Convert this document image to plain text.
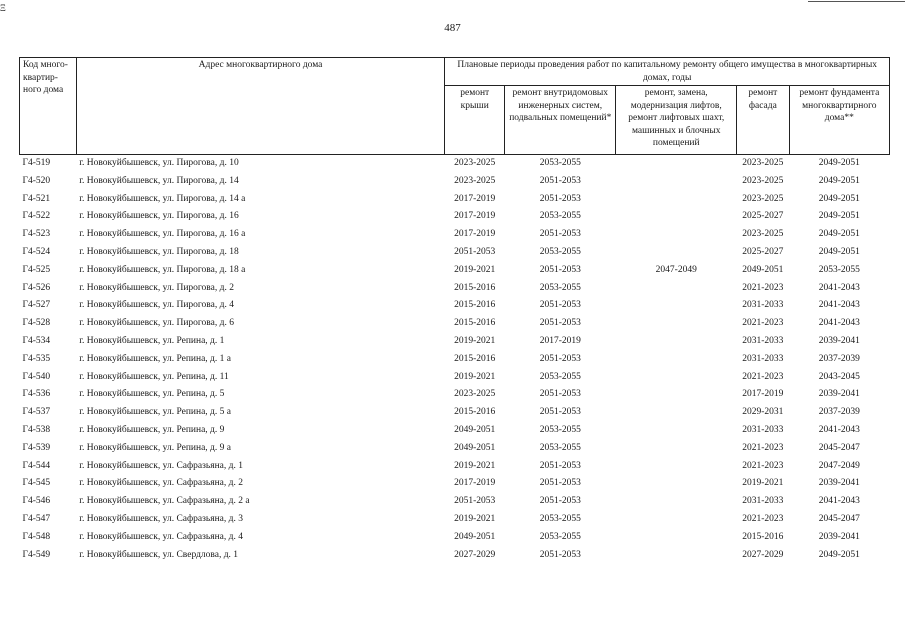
Ξ
487
Код много-квартир-ного дома	Адрес многоквартирного дома	Плановые периоды проведения работ по капитальному ремонту общего имущества в многоквартирных домах, годы				
		ремонт крыши	ремонт внутридомовых инженерных систем, подвальных помещений*	ремонт, замена, модернизация лифтов, ремонт лифтовых шахт, машинных и блочных помещений	ремонт фасада	ремонт фундамента многоквартирного дома**
Г4-519	г. Новокуйбышевск, ул. Пирогова, д. 10	2023-2025	2053-2055		2023-2025	2049-2051
Г4-520	г. Новокуйбышевск, ул. Пирогова, д. 14	2023-2025	2051-2053		2023-2025	2049-2051
Г4-521	г. Новокуйбышевск, ул. Пирогова, д. 14 а	2017-2019	2051-2053		2023-2025	2049-2051
Г4-522	г. Новокуйбышевск, ул. Пирогова, д. 16	2017-2019	2053-2055		2025-2027	2049-2051
Г4-523	г. Новокуйбышевск, ул. Пирогова, д. 16 а	2017-2019	2051-2053		2023-2025	2049-2051
Г4-524	г. Новокуйбышевск, ул. Пирогова, д. 18	2051-2053	2053-2055		2025-2027	2049-2051
Г4-525	г. Новокуйбышевск, ул. Пирогова, д. 18 а	2019-2021	2051-2053	2047-2049	2049-2051	2053-2055
Г4-526	г. Новокуйбышевск, ул. Пирогова, д. 2	2015-2016	2053-2055		2021-2023	2041-2043
Г4-527	г. Новокуйбышевск, ул. Пирогова, д. 4	2015-2016	2051-2053		2031-2033	2041-2043
Г4-528	г. Новокуйбышевск, ул. Пирогова, д. 6	2015-2016	2051-2053		2021-2023	2041-2043
Г4-534	г. Новокуйбышевск, ул. Репина, д. 1	2019-2021	2017-2019		2031-2033	2039-2041
Г4-535	г. Новокуйбышевск, ул. Репина, д. 1 а	2015-2016	2051-2053		2031-2033	2037-2039
Г4-540	г. Новокуйбышевск, ул. Репина, д. 11	2019-2021	2053-2055		2021-2023	2043-2045
Г4-536	г. Новокуйбышевск, ул. Репина, д. 5	2023-2025	2051-2053		2017-2019	2039-2041
Г4-537	г. Новокуйбышевск, ул. Репина, д. 5 а	2015-2016	2051-2053		2029-2031	2037-2039
Г4-538	г. Новокуйбышевск, ул. Репина, д. 9	2049-2051	2053-2055		2031-2033	2041-2043
Г4-539	г. Новокуйбышевск, ул. Репина, д. 9 а	2049-2051	2053-2055		2021-2023	2045-2047
Г4-544	г. Новокуйбышевск, ул. Сафразьяна, д. 1	2019-2021	2051-2053		2021-2023	2047-2049
Г4-545	г. Новокуйбышевск, ул. Сафразьяна, д. 2	2017-2019	2051-2053		2019-2021	2039-2041
Г4-546	г. Новокуйбышевск, ул. Сафразьяна, д. 2 а	2051-2053	2051-2053		2031-2033	2041-2043
Г4-547	г. Новокуйбышевск, ул. Сафразьяна, д. 3	2019-2021	2053-2055		2021-2023	2045-2047
Г4-548	г. Новокуйбышевск, ул. Сафразьяна, д. 4	2049-2051	2053-2055		2015-2016	2039-2041
Г4-549	г. Новокуйбышевск, ул. Свердлова, д. 1	2027-2029	2051-2053		2027-2029	2049-2051
